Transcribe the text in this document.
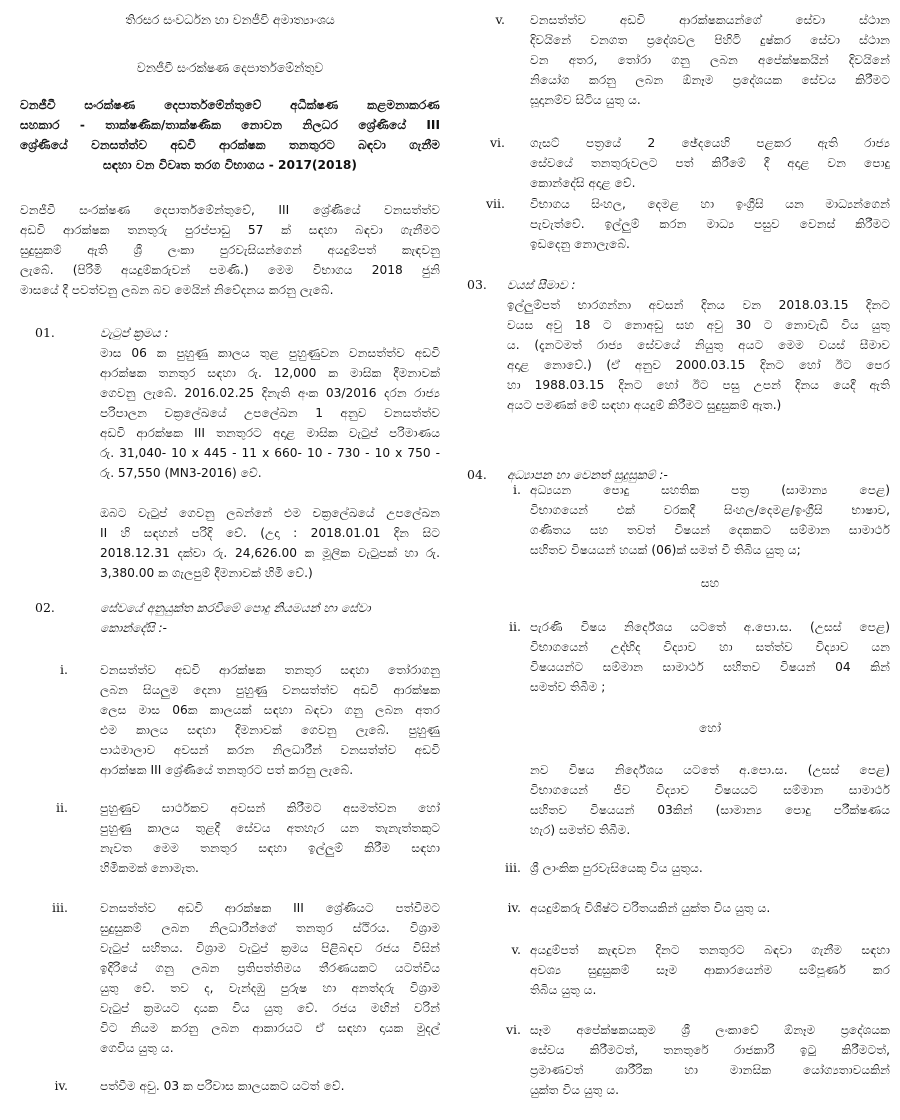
තිරසර සංවර්ධන හා වනජීවි අමාත්‍යාංශය
වනජීවී සංරක්ෂණ දෙපාර්තමේන්තුව
වනජීවී සංරක්ෂණ දෙපාර්තමේන්තුවේ අධීක්ෂණ කළමනාකරණ
සහකාර - තාක්ෂණික/තාක්ෂණික නොවන නිලධර ශ්‍රේණියේ III
ශ්‍රේණියේ වනසත්ත්ව අඩවි ආරක්ෂක තනතුරට බඳවා ගැනීම
සඳහා වන විවෘත තරග විභාගය - 2017(2018)
වනජීවී සංරක්ෂණ දෙපාර්තමේන්තුවේ, III ශ්‍රේණියේ වනසත්ත්ව
අඩවි ආරක්ෂක තනතුරු පුරප්පාඩු 57 ක් සඳහා බඳවා ගැනීමට
සුදුසුකම් ඇති ශ්‍රී ලංකා පුරවැසියන්ගෙන් අයදුම්පත් කැඳවනු
ලැබේ. (පිරිමි අයදුම්කරුවන් පමණි.) මෙම විභාගය 2018 ජුනි
මාසයේ දී පවත්වනු ලබන බව මෙයින් නිවේදනය කරනු ලැබේ.
01.	වැටුප් ක්‍රමය :
මාස 06 ක පුහුණු කාලය තුළ පුහුණුවන වනසත්ත්ව අඩවි
ආරක්ෂක තනතුර සඳහා රු. 12,000 ක මාසික දීමනාවක්
ගෙවනු ලැබේ. 2016.02.25 දිනැති අංක 03/2016 දරන රාජ්‍ය
පරිපාලන චක්‍රලේඛයේ උපලේඛන 1 අනුව වනසත්ත්ව
අඩවි ආරක්ෂක III තනතුරට අදාළ මාසික වැටුප් පරිමාණය
රු. 31,040- 10 x 445 - 11 x 660- 10 - 730 - 10 x 750 -
රු. 57,550 (MN3-2016) වේ.
ඔබට වැටුප් ගෙවනු ලබන්නේ එම චක්‍රලේඛයේ උපලේඛන
II හි සඳහන් පරිදි වේ. (උදා : 2018.01.01 දින සිට
2018.12.31 දක්වා රු. 24,626.00 ක මූලික වැටුපක් හා රු.
3,380.00 ක ගැලපුම් දීමනාවක් හිමි වේ.)
02.	සේවයේ අනුයුක්ත කරවීමේ පොදු නියමයන් හා සේවා
කොන්දේසි :-
i.	වනසත්ත්ව අඩවි ආරක්ෂක තනතුර සඳහා තෝරාගනු
ලබන සියලුම දෙනා පුහුණු වනසත්ත්ව අඩවි ආරක්ෂක
ලෙස මාස 06ක කාලයක් සඳහා බඳවා ගනු ලබන අතර
එම කාලය සඳහා දීමනාවක් ගෙවනු ලැබේ. පුහුණු
පාඨමාලාව අවසන් කරන නිලධාරීන් වනසත්ත්ව අඩවි
ආරක්ෂක III ශ්‍රේණියේ තනතුරට පත් කරනු ලැබේ.
ii.	පුහුණුව සාර්ථකව අවසන් කිරීමට අසමත්වන හෝ
පුහුණු කාලය තුළදී සේවය අතහැර යන තැනැත්තකුට
නැවත මෙම තනතුර සඳහා ඉල්ලුම් කිරීම සඳහා
හිමිකමක් නොමැත.
iii.	වනසත්ත්ව අඩවි ආරක්ෂක III ශ්‍රේණියට පත්වීමට
සුදුසුකම් ලබන නිලධාරීන්ගේ තනතුර ස්ථිරය. විශ්‍රාම
වැටුප් සහිතය. විශ්‍රාම වැටුප් ක්‍රමය පිළිබඳව රජය විසින්
ඉදිරියේ ගනු ලබන ප්‍රතිපත්තිමය තීරණයකට යටත්විය
යුතු වේ. තව ද, වැන්දඹු පුරුෂ හා අනත්දරු විශ්‍රාම
වැටුප් ක්‍රමයට දායක විය යුතු වේ. රජය මඟින් වරින්
විට නියම කරනු ලබන ආකාරයට ඒ සඳහා දායක මුදල්
ගෙවිය යුතු ය.
iv.	පත්වීම අවු. 03 ක පරිවාස කාලයකට යටත් වේ.
v. වනසත්ත්ව අඩවි ආරක්ෂකයන්ගේ සේවා ස්ථාන
දිවයිනේ වනගත ප්‍රදේශවල පිහිටි දුෂ්කර සේවා ස්ථාන
වන අතර, තෝරා ගනු ලබන අපේක්ෂකයින් දිවයිනේ
නියෝග කරනු ලබන ඕනෑම ප්‍රදේශයක සේවය කිරීමට
සූදානම්ව සිටිය යුතු ය.
vi. ගැසට් පත්‍රයේ 2 ඡේදයෙහි පළකර ඇති රාජ්‍ය
සේවයේ තනතුරුවලට පත් කිරීමේ දී අදාළ වන පොදු
කොන්දේසි අදාළ වේ.
vii. විභාගය සිංහල, දෙමළ හා ඉංග්‍රීසි යන මාධ්‍යන්ගෙන්
පැවැත්වේ. ඉල්ලුම් කරන මාධ්‍ය පසුව වෙනස් කිරීමට
ඉඩදෙනු නොලැබේ.
03. වයස් සීමාව :
ඉල්ලුම්පත් භාරගන්නා අවසන් දිනය වන 2018.03.15 දිනට
වයස අවු 18 ට නොඅඩු සහ අවු 30 ට නොවැඩි විය යුතු
ය. (දැනටමත් රාජ්‍ය සේවයේ නියුතු අයට මෙම වයස් සීමාව
අදාළ නොවේ.) (ඒ අනුව 2000.03.15 දිනට හෝ ඊට පෙර
හා 1988.03.15 දිනට හෝ ඊට පසු උපන් දිනය යෙදී ඇති
අයට පමණක් මේ සඳහා අයදුම් කිරීමට සුදුසුකම් ඇත.)
04. අධ්‍යාපන හා වෙනත් සුදුසුකම් :-
i. අධ්‍යයන පොදු සහතික පත්‍ර (සාමාන්‍ය පෙළ)
විභාගයෙන් එක් වරකදී සිංහල/දෙමළ/ඉංග්‍රීසි භාෂාව,
ගණිතය සහ තවත් විෂයන් දෙකකට සම්මාන සාමාර්ථ
සහිතව විෂයයන් හයක් (06)ක් සමත් වී තිබිය යුතු ය;
සහ
ii. පැරණි විෂය නිර්දේශය යටතේ අ.පො.ස. (උසස් පෙළ)
විභාගයෙන් උද්භිද විද්‍යාව හා සත්ත්ව විද්‍යාව යන
විෂයයන්ට සම්මාන සාමාර්ථ සහිතව විෂයන් 04 කින්
සමත්ව තිබීම ;
හෝ
නව විෂය නිර්දේශය යටතේ අ.පො.ස. (උසස් පෙළ)
විභාගයෙන් ජීව විද්‍යාව විෂයයට සම්මාන සාමාර්ථ
සහිතව විෂයයන් 03කින් (සාමාන්‍ය පොදු පරීක්ෂණය
හැර) සමත්ව තිබීම.
iii. ශ්‍රී ලාංකික පුරවැසියෙකු විය යුතුය.
iv. අයදුම්කරු විශිෂ්ට චරිතයකින් යුක්ත විය යුතු ය.
v. අයදුම්පත් කැඳවන දිනට තනතුරට බඳවා ගැනීම සඳහා
අවශ්‍ය සුදුසුකම් සෑම ආකාරයෙන්ම සම්පූර්ණ කර
තිබිය යුතු ය.
vi. සෑම අපේක්ෂකයකුම ශ්‍රී ලංකාවේ ඕනෑම ප්‍රදේශයක
සේවය කිරීමටත්, තනතුරේ රාජකාරි ඉටු කිරීමටත්,
ප්‍රමාණවත් ශාරීරික හා මානසික යෝග්‍යතාවයකින්
යුක්ත විය යුතු ය.
